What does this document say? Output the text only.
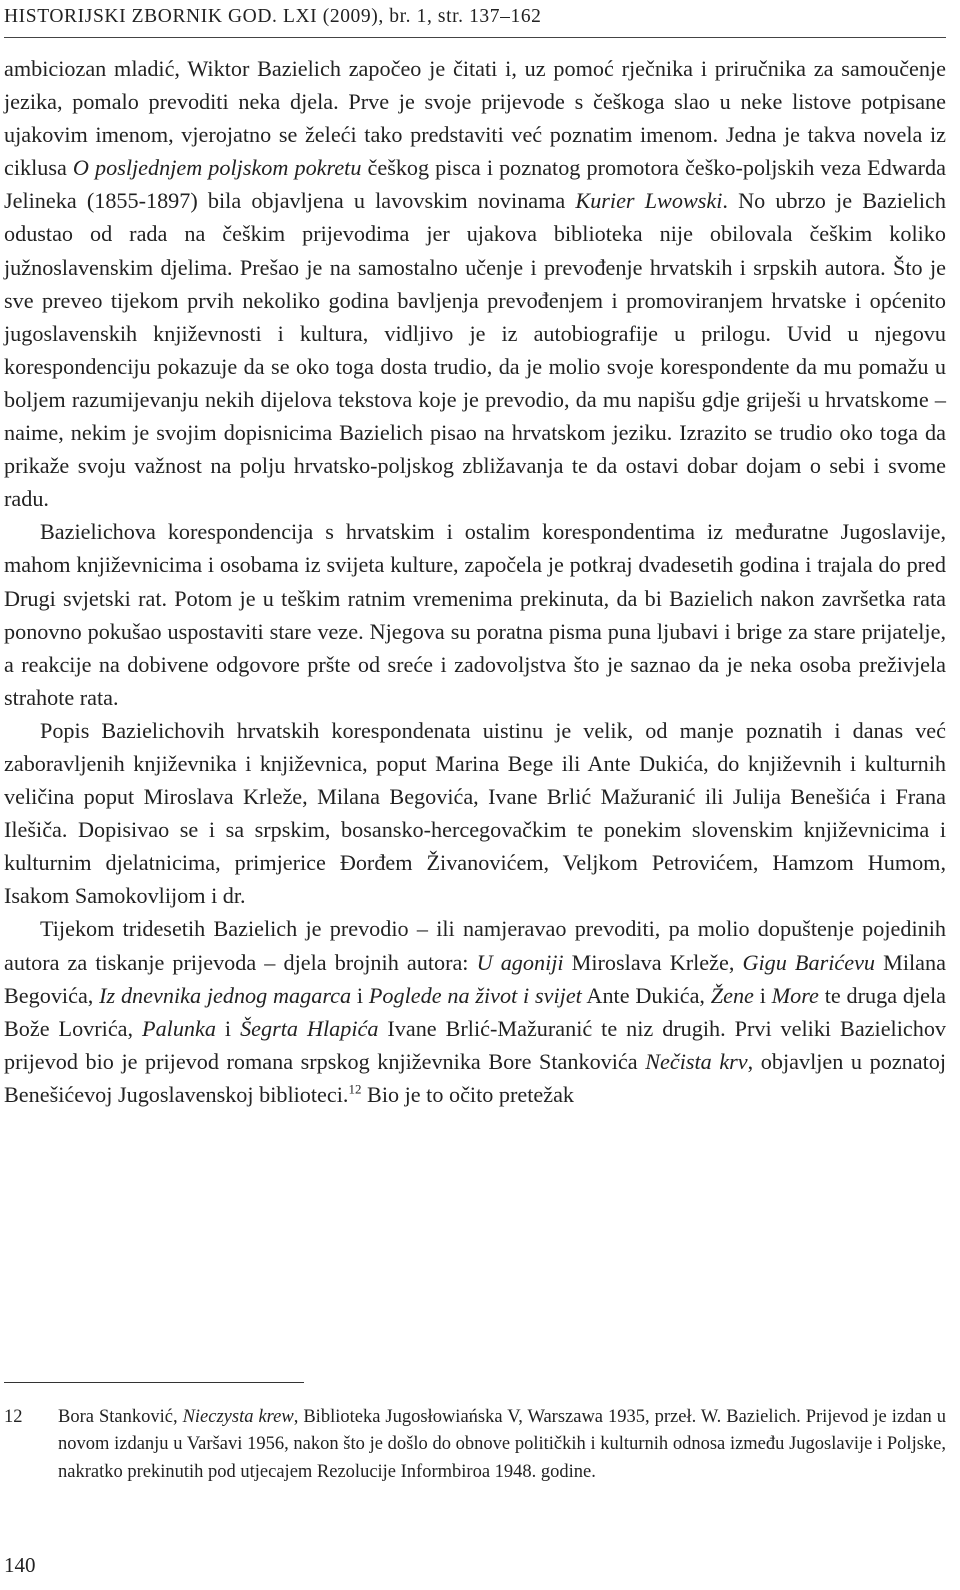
HISTORIJSKI ZBORNIK GOD. LXI (2009), br. 1, str. 137–162

ambiciozan mladić, Wiktor Bazielich započeo je čitati i, uz pomoć rječnika i priručnika za samoučenje jezika, pomalo prevoditi neka djela. Prve je svoje prijevode s češkoga slao u neke listove potpisane ujakovim imenom, vjerojatno se želeći tako predstaviti već poznatim imenom. Jedna je takva novela iz ciklusa O posljednjem poljskom pokretu češkog pisca i poznatog promotora češko-poljskih veza Edwarda Jelineka (1855-1897) bila objavljena u lavovskim novinama Kurier Lwowski. No ubrzo je Bazielich odustao od rada na češkim prijevodima jer ujakova biblioteka nije obilovala češkim koliko južnoslavenskim djelima. Prešao je na samostalno učenje i prevođenje hrvatskih i srpskih autora. Što je sve preveo tijekom prvih nekoliko godina bavljenja prevođenjem i promoviranjem hrvatske i općenito jugoslavenskih književnosti i kultura, vidljivo je iz autobiografije u prilogu. Uvid u njegovu korespondenciju pokazuje da se oko toga dosta trudio, da je molio svoje korespondente da mu pomažu u boljem razumijevanju nekih dijelova tekstova koje je prevodio, da mu napišu gdje griješi u hrvatskome – naime, nekim je svojim dopisnicima Bazielich pisao na hrvatskom jeziku. Izrazito se trudio oko toga da prikaže svoju važnost na polju hrvatsko-poljskog zbližavanja te da ostavi dobar dojam o sebi i svome radu.

Bazielichova korespondencija s hrvatskim i ostalim korespondentima iz međuratne Jugoslavije, mahom književnicima i osobama iz svijeta kulture, započela je potkraj dvadesetih godina i trajala do pred Drugi svjetski rat. Potom je u teškim ratnim vremenima prekinuta, da bi Bazielich nakon završetka rata ponovno pokušao uspostaviti stare veze. Njegova su poratna pisma puna ljubavi i brige za stare prijatelje, a reakcije na dobivene odgovore pršte od sreće i zadovoljstva što je saznao da je neka osoba preživjela strahote rata.

Popis Bazielichovih hrvatskih korespondenata uistinu je velik, od manje poznatih i danas već zaboravljenih književnika i književnica, poput Marina Bege ili Ante Dukića, do književnih i kulturnih veličina poput Miroslava Krleže, Milana Begovića, Ivane Brlić Mažuranić ili Julija Benešića i Frana Ilešiča. Dopisivao se i sa srpskim, bosansko-hercegovačkim te ponekim slovenskim književnicima i kulturnim djelatnicima, primjerice Đorđem Živanovićem, Veljkom Petrovićem, Hamzom Humom, Isakom Samokovlijom i dr.

Tijekom tridesetih Bazielich je prevodio – ili namjeravao prevoditi, pa molio dopuštenje pojedinih autora za tiskanje prijevoda – djela brojnih autora: U agoniji Miroslava Krleže, Gigu Barićevu Milana Begovića, Iz dnevnika jednog magarca i Poglede na život i svijet Ante Dukića, Žene i More te druga djela Bože Lovrića, Palunka i Šegrta Hlapića Ivane Brlić-Mažuranić te niz drugih. Prvi veliki Bazielichov prijevod bio je prijevod romana srpskog književnika Bore Stankovića Nečista krv, objavljen u poznatoj Benešićevoj Jugoslavenskoj biblioteci.$^{12}$ Bio je to očito pretežak

12 Bora Stanković, Nieczysta krew, Biblioteka Jugosłowiańska V, Warszawa 1935, przeł. W. Bazielich. Prijevod je izdan u novom izdanju u Varšavi 1956, nakon što je došlo do obnove političkih i kulturnih odnosa između Jugoslavije i Poljske, nakratko prekinutih pod utjecajem Rezolucije Informbiroa 1948. godine.
140
